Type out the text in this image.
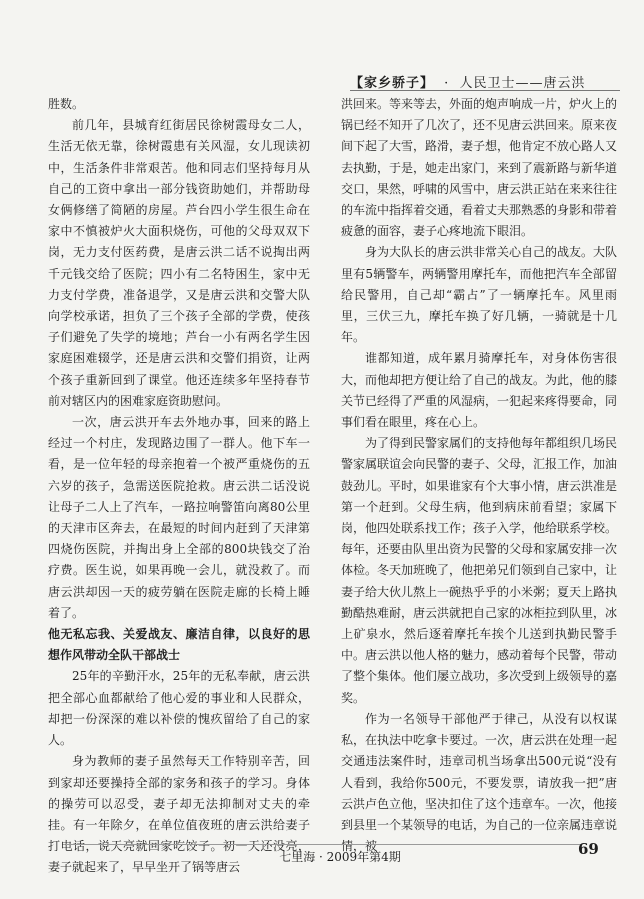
【家乡骄子】 · 人民卫士——唐云洪

胜数。

前几年，县城育红街居民徐树霞母女二人，生活无依无靠，徐树霞患有关风湿，女儿现读初中，生活条件非常艰苦。他和同志们坚持每月从自己的工资中拿出一部分钱资助她们，并帮助母女俩修缮了简陋的房屋。芦台四小学生很生命在家中不慎被炉火大面积烧伤，可他的父母双双下岗，无力支付医药费，是唐云洪二话不说掏出两千元钱交给了医院；四小有二名特困生，家中无力支付学费，准备退学，又是唐云洪和交警大队向学校承诺，担负了三个孩子全部的学费，使孩子们避免了失学的境地；芦台一小有两名学生因家庭困难辍学，还是唐云洪和交警们捐资，让两个孩子重新回到了课堂。他还连续多年坚持春节前对辖区内的困难家庭资助慰问。

一次，唐云洪开车去外地办事，回来的路上经过一个村庄，发现路边围了一群人。他下车一看，是一位年轻的母亲抱着一个被严重烧伤的五六岁的孩子，急需送医院抢救。唐云洪二话没说让母子二人上了汽车，一路拉响警笛向离80公里的天津市区奔去，在最短的时间内赶到了天津第四烧伤医院，并掏出身上全部的800块钱交了治疗费。医生说，如果再晚一会儿，就没救了。而唐云洪却因一天的疲劳躺在医院走廊的长椅上睡着了。

他无私忘我、关爱战友、廉洁自律，以良好的思想作风带动全队干部战士

25年的辛勤汗水，25年的无私奉献，唐云洪把全部心血都献给了他心爱的事业和人民群众，却把一份深深的难以补偿的愧疚留给了自己的家人。

身为教师的妻子虽然每天工作特别辛苦，回到家却还要操持全部的家务和孩子的学习。身体的操劳可以忍受，妻子却无法抑制对丈夫的牵挂。有一年除夕，在单位值夜班的唐云洪给妻子打电话，说天亮就回家吃饺子。初一天还没亮，妻子就起来了，早早坐开了锅等唐云

洪回来。等来等去，外面的炮声响成一片，炉火上的锅已经不知开了几次了，还不见唐云洪回来。原来夜间下起了大雪，路滑，妻子想，他肯定不放心路人又去执勤，于是，她走出家门，来到了震新路与新华道交口，果然，呼啸的风雪中，唐云洪正站在来来往往的车流中指挥着交通，看着丈夫那熟悉的身影和带着疲惫的面容，妻子心疼地流下眼泪。

身为大队长的唐云洪非常关心自己的战友。大队里有5辆警车，两辆警用摩托车，而他把汽车全部留给民警用，自己却“霸占”了一辆摩托车。风里雨里，三伏三九，摩托车换了好几辆，一骑就是十几年。

谁都知道，成年累月骑摩托车，对身体伤害很大，而他却把方便让给了自己的战友。为此，他的膝关节已经得了严重的风湿病，一犯起来疼得要命，同事们看在眼里，疼在心上。

为了得到民警家属们的支持他每年都组织几场民警家属联谊会向民警的妻子、父母，汇报工作，加油鼓劲儿。平时，如果谁家有个大事小情，唐云洪准是第一个赶到。父母生病，他到病床前看望；家属下岗，他四处联系找工作；孩子入学，他给联系学校。每年，还要由队里出资为民警的父母和家属安排一次体检。冬天加班晚了，他把弟兄们领到自己家中，让妻子给大伙儿熬上一碗热乎乎的小米粥；夏天上路执勤酷热难耐，唐云洪就把自己家的冰柜拉到队里，冰上矿泉水，然后逐着摩托车挨个儿送到执勤民警手中。唐云洪以他人格的魅力，感动着每个民警，带动了整个集体。他们屡立战功，多次受到上级领导的嘉奖。

作为一名领导干部他严于律己，从没有以权谋私，在执法中吃拿卡要过。一次，唐云洪在处理一起交通违法案件时，违章司机当场拿出500元说“没有人看到，我给你500元，不要发票，请放我一把”唐云洪卢色立他，坚决扣住了这个违章车。一次，他接到县里一个某领导的电话，为自己的一位亲属违章说情，被

七里海 · 2009年第4期	69
